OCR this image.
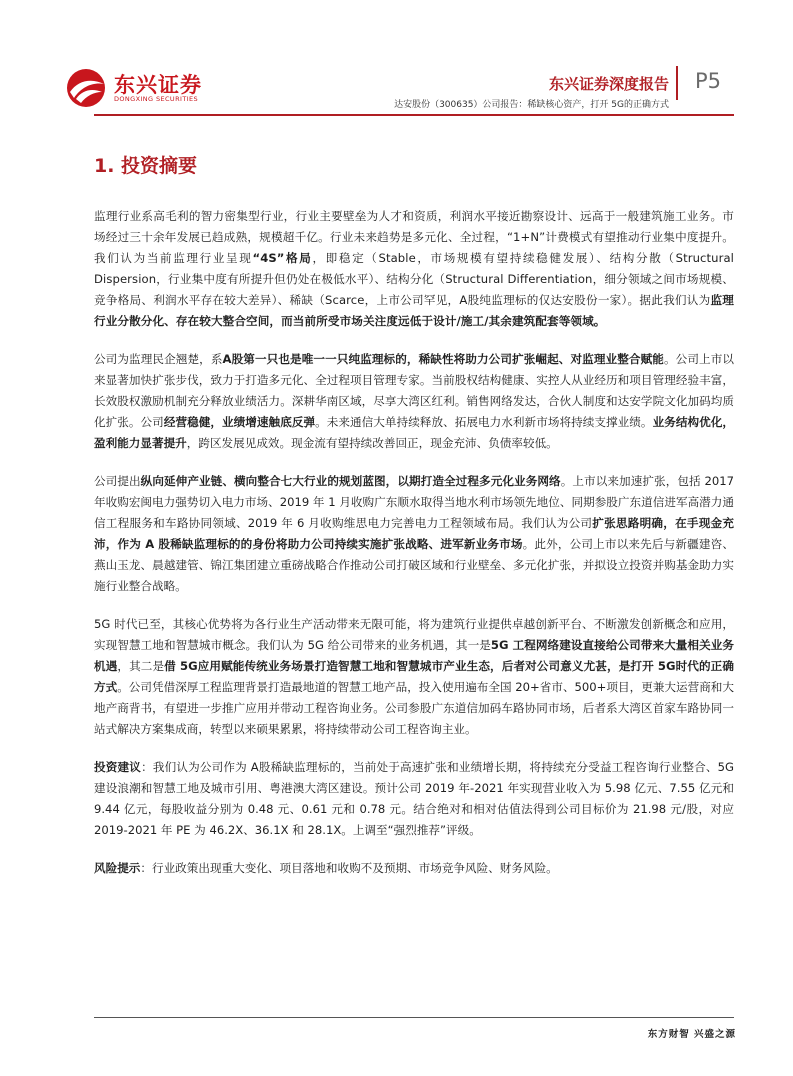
东兴证券
DONGXING SECURITIES
东兴证券深度报告 P5
达安股份（300635）公司报告：稀缺核心资产，打开 5G的正确方式
1. 投资摘要

监理行业系高毛利的智力密集型行业，行业主要壁垒为人才和资质，利润水平接近勘察设计、远高于一般建筑施工业务。市场经过三十余年发展已趋成熟，规模超千亿。行业未来趋势是多元化、全过程，“1+N”计费模式有望推动行业集中度提升。我们认为当前监理行业呈现“4S”格局，即稳定（Stable，市场规模有望持续稳健发展）、结构分散（Structural Dispersion，行业集中度有所提升但仍处在极低水平）、结构分化（Structural Differentiation，细分领域之间市场规模、竞争格局、利润水平存在较大差异）、稀缺（Scarce，上市公司罕见，A股纯监理标的仅达安股份一家）。据此我们认为监理行业分散分化、存在较大整合空间，而当前所受市场关注度远低于设计/施工/其余建筑配套等领域。

公司为监理民企翘楚，系A股第一只也是唯一一只纯监理标的，稀缺性将助力公司扩张崛起、对监理业整合赋能。公司上市以来显著加快扩张步伐，致力于打造多元化、全过程项目管理专家。当前股权结构健康、实控人从业经历和项目管理经验丰富，长效股权激励机制充分释放业绩活力。深耕华南区域，尽享大湾区红利。销售网络发达，合伙人制度和达安学院文化加码均质化扩张。公司经营稳健，业绩增速触底反弹。未来通信大单持续释放、拓展电力水利新市场将持续支撑业绩。业务结构优化，盈利能力显著提升，跨区发展见成效。现金流有望持续改善回正，现金充沛、负债率较低。

公司提出纵向延伸产业链、横向整合七大行业的规划蓝图，以期打造全过程多元化业务网络。上市以来加速扩张，包括 2017 年收购宏闽电力强势切入电力市场、2019 年 1 月收购广东顺水取得当地水利市场领先地位、同期参股广东道信进军高潜力通信工程服务和车路协同领域、2019 年 6 月收购维思电力完善电力工程领域布局。我们认为公司扩张思路明确，在手现金充沛，作为 A 股稀缺监理标的的身份将助力公司持续实施扩张战略、进军新业务市场。此外，公司上市以来先后与新疆建咨、燕山玉龙、晨越建管、锦江集团建立重磅战略合作推动公司打破区域和行业壁垒、多元化扩张，并拟设立投资并购基金助力实施行业整合战略。

5G 时代已至，其核心优势将为各行业生产活动带来无限可能，将为建筑行业提供卓越创新平台、不断激发创新概念和应用，实现智慧工地和智慧城市概念。我们认为 5G 给公司带来的业务机遇，其一是5G 工程网络建设直接给公司带来大量相关业务机遇，其二是借 5G应用赋能传统业务场景打造智慧工地和智慧城市产业生态，后者对公司意义尤甚，是打开 5G时代的正确方式。公司凭借深厚工程监理背景打造最地道的智慧工地产品，投入使用遍布全国 20+省市、500+项目，更兼大运营商和大地产商背书，有望进一步推广应用并带动工程咨询业务。公司参股广东道信加码车路协同市场，后者系大湾区首家车路协同一站式解决方案集成商，转型以来硕果累累，将持续带动公司工程咨询主业。

投资建议：我们认为公司作为 A股稀缺监理标的，当前处于高速扩张和业绩增长期，将持续充分受益工程咨询行业整合、5G 建设浪潮和智慧工地及城市引用、粤港澳大湾区建设。预计公司 2019 年-2021 年实现营业收入为 5.98 亿元、7.55 亿元和 9.44 亿元，每股收益分别为 0.48 元、0.61 元和 0.78 元。结合绝对和相对估值法得到公司目标价为 21.98 元/股，对应 2019-2021 年 PE 为 46.2X、36.1X 和 28.1X。上调至“强烈推荐”评级。

风险提示：行业政策出现重大变化、项目落地和收购不及预期、市场竞争风险、财务风险。

东方财智 兴盛之源
